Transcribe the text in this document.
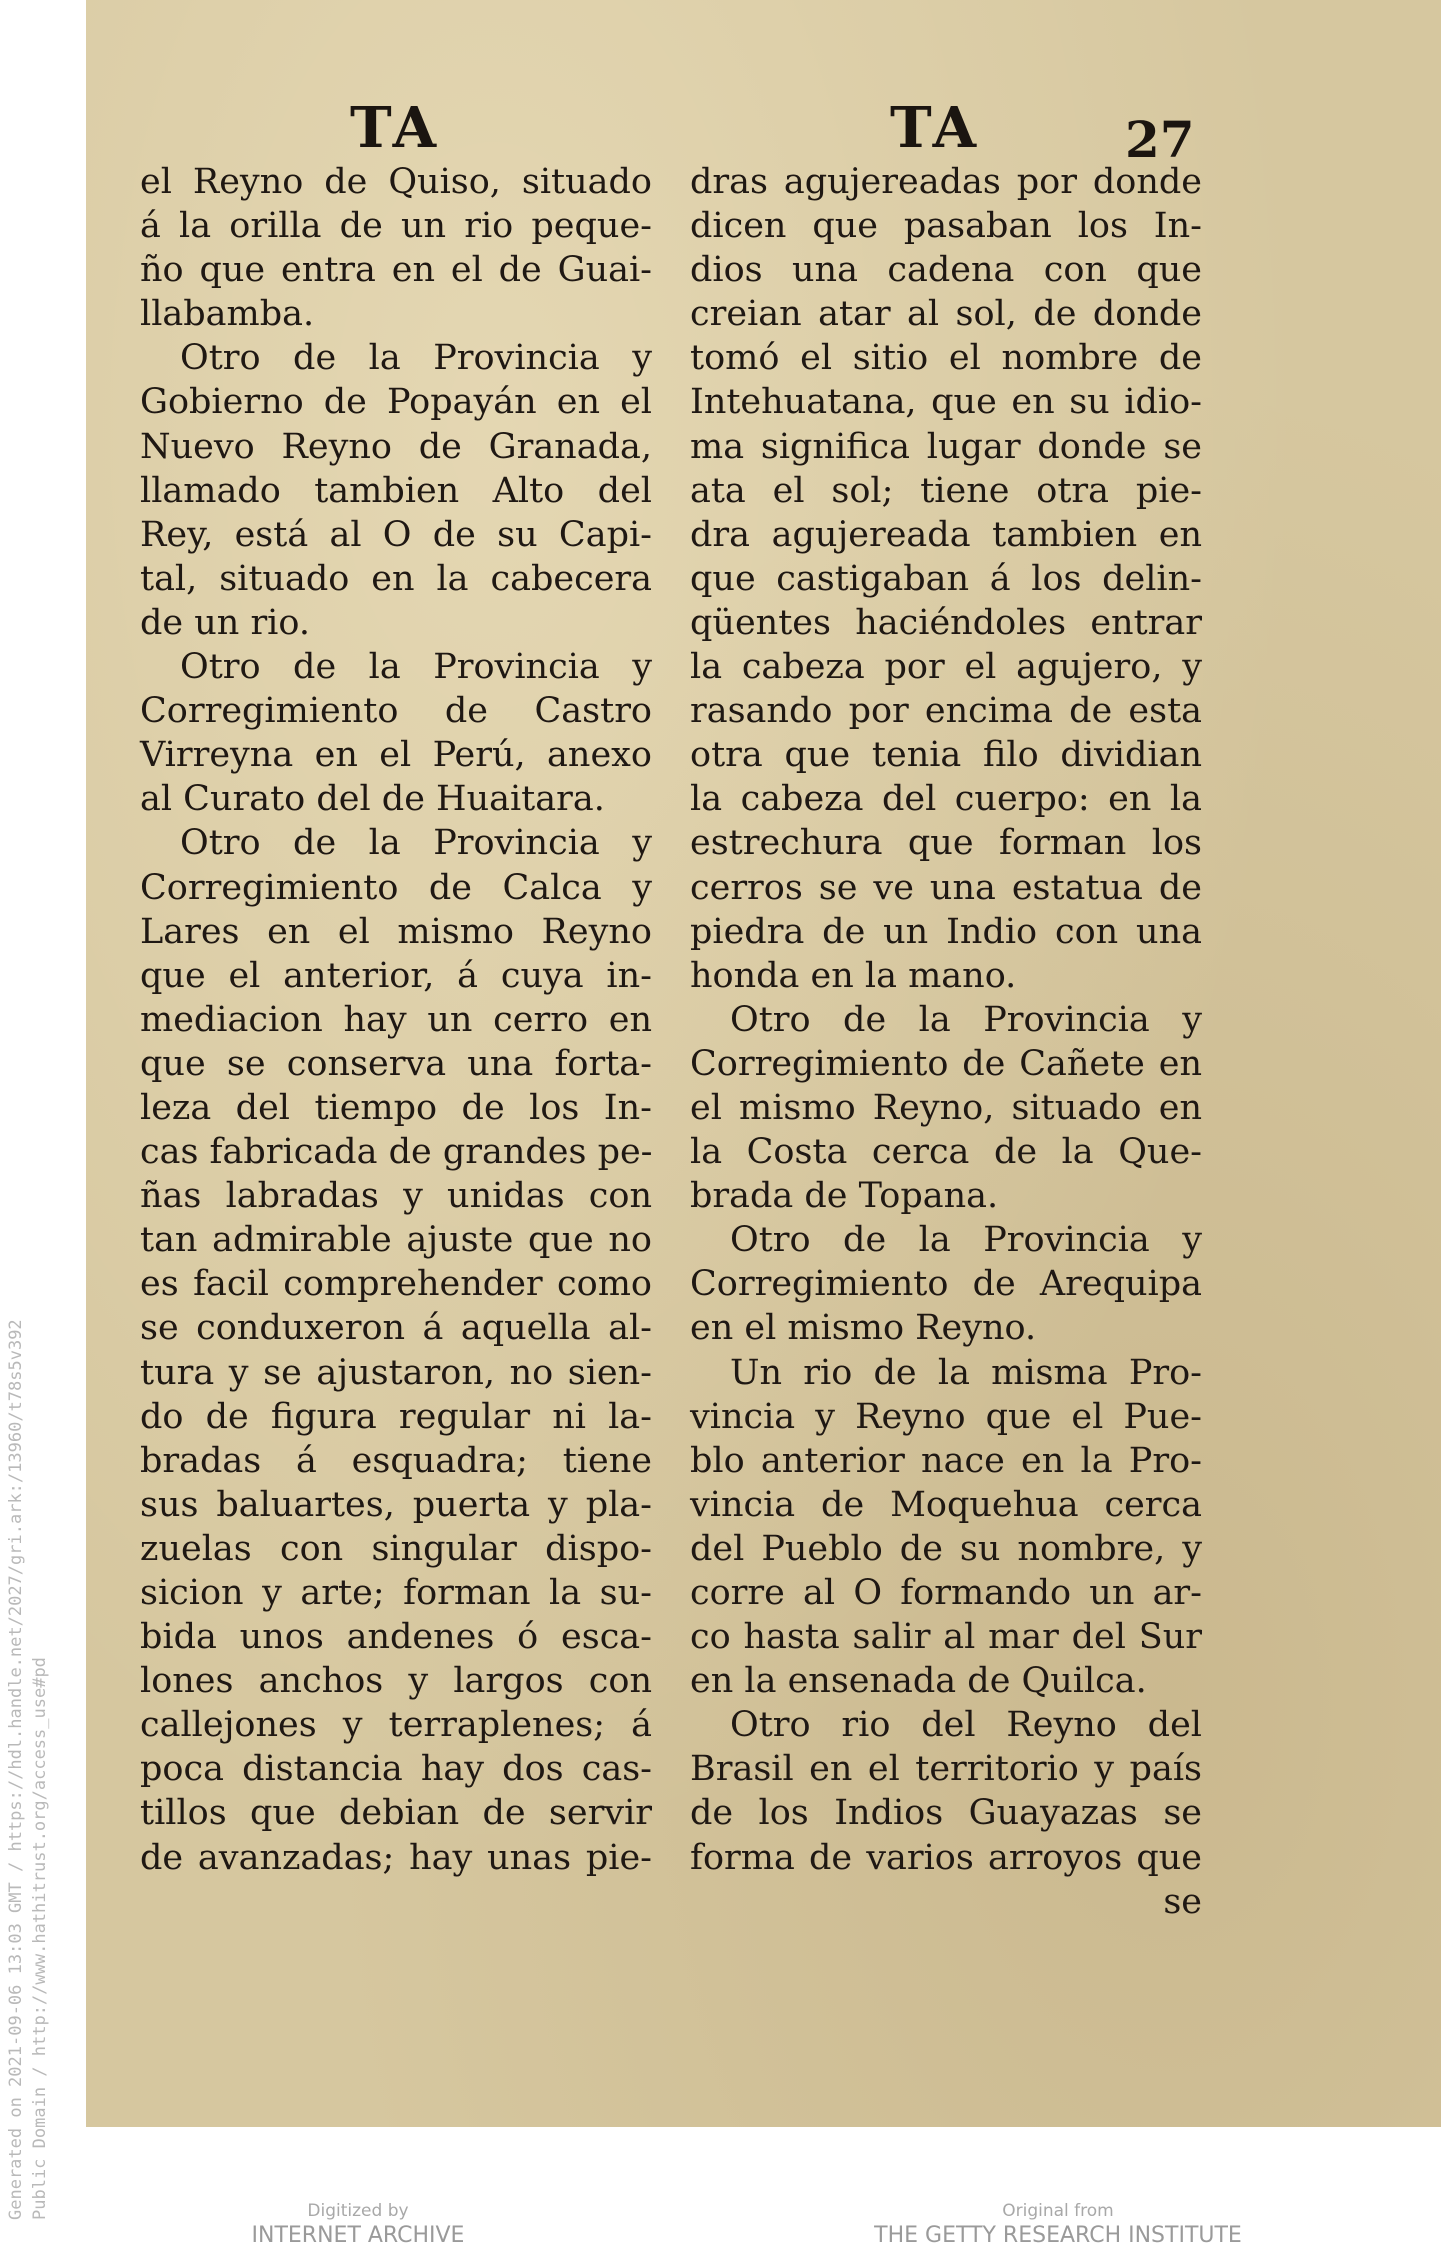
Generated on 2021-09-06 13:03 GMT / https://hdl.handle.net/2027/gri.ark:/13960/t78s5v392 Public Domain / http://www.hathitrust.org/access_use#pd
TA	TA	27
el Reyno de Quiso, situado
á la orilla de un rio peque-
ño que entra en el de Guai-
llabamba.
Otro de la Provincia y
Gobierno de Popayán en el
Nuevo Reyno de Granada,
llamado tambien Alto del
Rey, está al O de su Capi-
tal, situado en la cabecera
de un rio.
Otro de la Provincia y
Corregimiento de Castro
Virreyna en el Perú, anexo
al Curato del de Huaitara.
Otro de la Provincia y
Corregimiento de Calca y
Lares en el mismo Reyno
que el anterior, á cuya in-
mediacion hay un cerro en
que se conserva una forta-
leza del tiempo de los In-
cas fabricada de grandes pe-
ñas labradas y unidas con
tan admirable ajuste que no
es facil comprehender como
se conduxeron á aquella al-
tura y se ajustaron, no sien-
do de figura regular ni la-
bradas á esquadra; tiene
sus baluartes, puerta y pla-
zuelas con singular dispo-
sicion y arte; forman la su-
bida unos andenes ó esca-
lones anchos y largos con
callejones y terraplenes; á
poca distancia hay dos cas-
tillos que debian de servir
de avanzadas; hay unas pie-
dras agujereadas por donde
dicen que pasaban los In-
dios una cadena con que
creian atar al sol, de donde
tomó el sitio el nombre de
Intehuatana, que en su idio-
ma significa lugar donde se
ata el sol; tiene otra pie-
dra agujereada tambien en
que castigaban á los delin-
qüentes haciéndoles entrar
la cabeza por el agujero, y
rasando por encima de esta
otra que tenia filo dividian
la cabeza del cuerpo: en la
estrechura que forman los
cerros se ve una estatua de
piedra de un Indio con una
honda en la mano.
Otro de la Provincia y
Corregimiento de Cañete en
el mismo Reyno, situado en
la Costa cerca de la Que-
brada de Topana.
Otro de la Provincia y
Corregimiento de Arequipa
en el mismo Reyno.
Un rio de la misma Pro-
vincia y Reyno que el Pue-
blo anterior nace en la Pro-
vincia de Moquehua cerca
del Pueblo de su nombre, y
corre al O formando un ar-
co hasta salir al mar del Sur
en la ensenada de Quilca.
Otro rio del Reyno del
Brasil en el territorio y país
de los Indios Guayazas se
forma de varios arroyos que
se
Digitized by
INTERNET ARCHIVE
Original from
THE GETTY RESEARCH INSTITUTE
